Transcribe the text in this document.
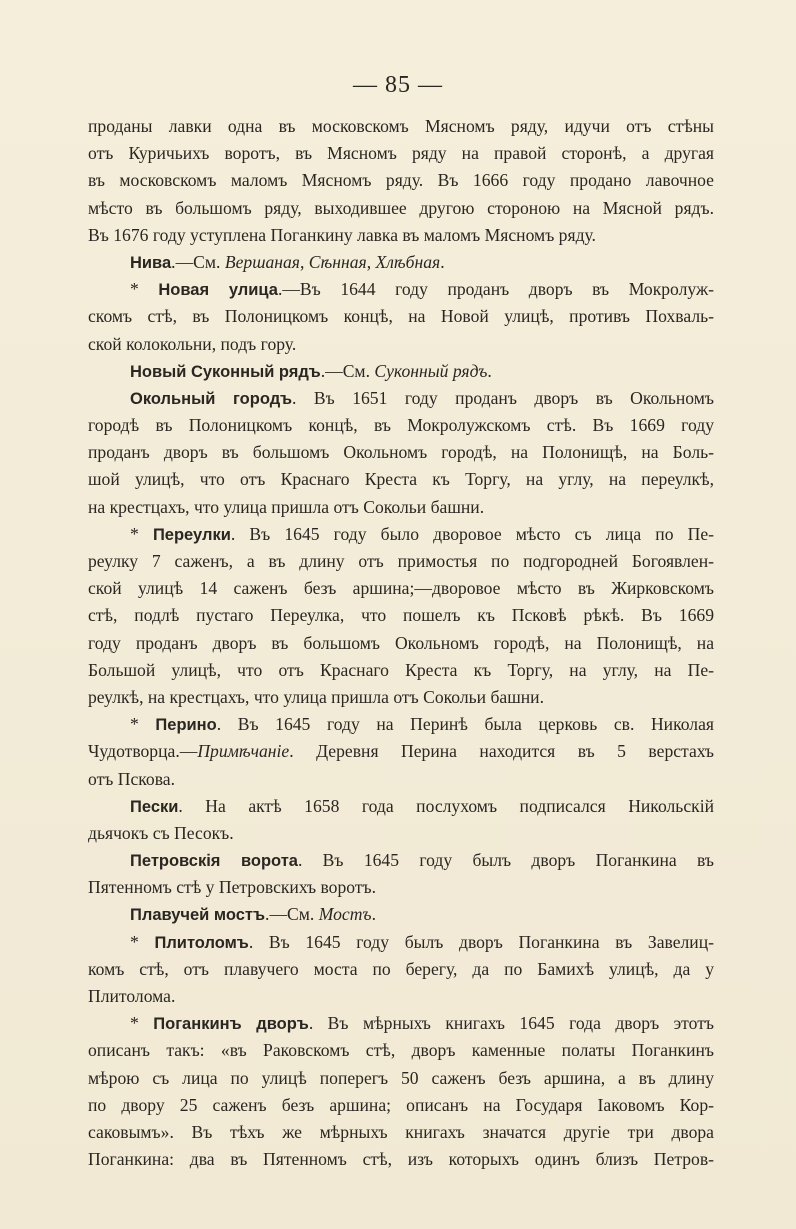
— 85 —
проданы лавки одна въ московскомъ Мясномъ ряду, идучи отъ стѣны
отъ Куричьихъ воротъ, въ Мясномъ ряду на правой сторонѣ, а другая
въ московскомъ маломъ Мясномъ ряду. Въ 1666 году продано лавочное
мѣсто въ большомъ ряду, выходившее другою стороною на Мясной рядъ.
Въ 1676 году уступлена Поганкину лавка въ маломъ Мясномъ ряду.
Нива.—См. Вершаная, Сѣнная, Хлѣбная.
* Новая улица.—Въ 1644 году проданъ дворъ въ Мокролуж-
скомъ стѣ, въ Полоницкомъ концѣ, на Новой улицѣ, противъ Похваль-
ской колокольни, подъ гору.
Новый Суконный рядъ.—См. Суконный рядъ.
Окольный городъ. Въ 1651 году проданъ дворъ въ Окольномъ
городѣ въ Полоницкомъ концѣ, въ Мокролужскомъ стѣ. Въ 1669 году
проданъ дворъ въ большомъ Окольномъ городѣ, на Полонищѣ, на Боль-
шой улицѣ, что отъ Краснаго Креста къ Торгу, на углу, на переулкѣ,
на крестцахъ, что улица пришла отъ Сокольи башни.
* Переулки. Въ 1645 году было дворовое мѣсто съ лица по Пе-
реулку 7 саженъ, а въ длину отъ примостья по подгородней Богоявлен-
ской улицѣ 14 саженъ безъ аршина;—дворовое мѣсто въ Жирковскомъ
стѣ, подлѣ пустаго Переулка, что пошелъ къ Псковѣ рѣкѣ. Въ 1669
году проданъ дворъ въ большомъ Окольномъ городѣ, на Полонищѣ, на
Большой улицѣ, что отъ Краснаго Креста къ Торгу, на углу, на Пе-
реулкѣ, на крестцахъ, что улица пришла отъ Сокольи башни.
* Перино. Въ 1645 году на Перинѣ была церковь св. Николая
Чудотворца.—Примѣчаніе. Деревня Перина находится въ 5 верстахъ
отъ Пскова.
Пески. На актѣ 1658 года послухомъ подписался Никольскій
дьячокъ съ Песокъ.
Петровскія ворота. Въ 1645 году былъ дворъ Поганкина въ
Пятенномъ стѣ у Петровскихъ воротъ.
Плавучей мостъ.—См. Мостъ.
* Плитоломъ. Въ 1645 году былъ дворъ Поганкина въ Завелиц-
комъ стѣ, отъ плавучего моста по берегу, да по Бамихѣ улицѣ, да у
Плитолома.
* Поганкинъ дворъ. Въ мѣрныхъ книгахъ 1645 года дворъ этотъ
описанъ такъ: «въ Раковскомъ стѣ, дворъ каменные полаты Поганкинъ
мѣрою съ лица по улицѣ поперегъ 50 саженъ безъ аршина, а въ длину
по двору 25 саженъ безъ аршина; описанъ на Государя Іаковомъ Кор-
саковымъ». Въ тѣхъ же мѣрныхъ книгахъ значатся другіе три двора
Поганкина: два въ Пятенномъ стѣ, изъ которыхъ одинъ близъ Петров-
